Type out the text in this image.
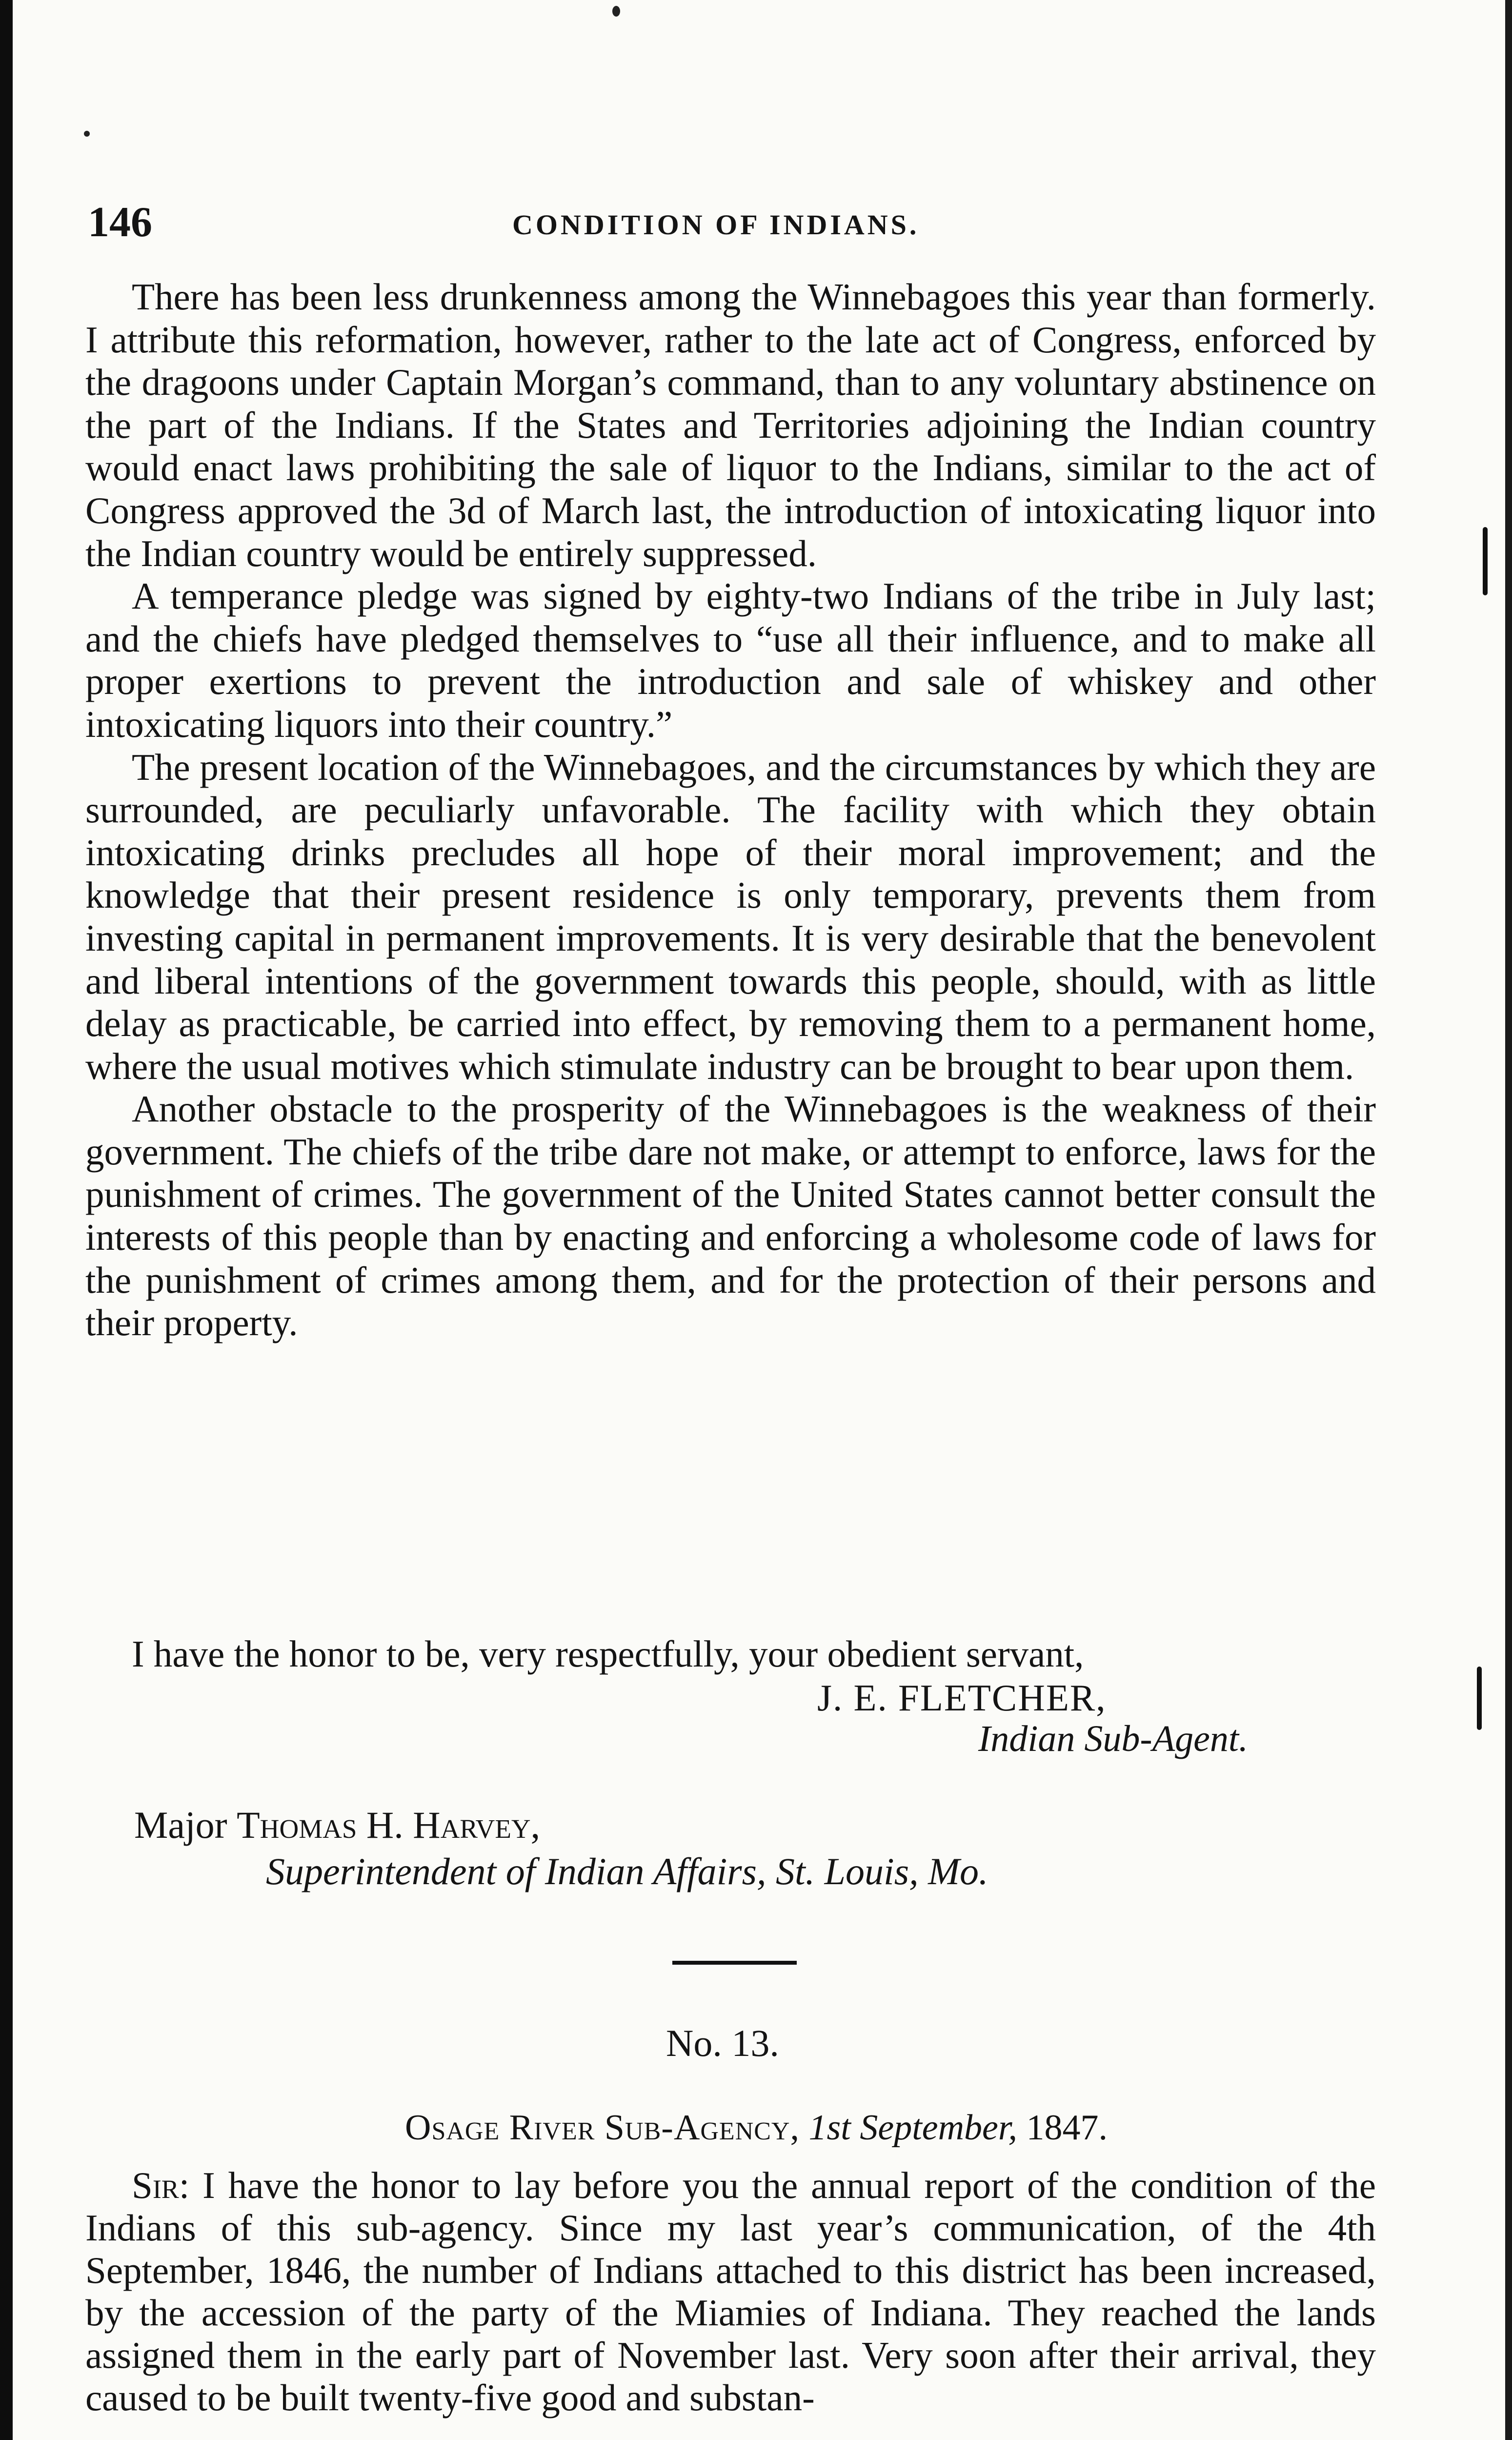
146	CONDITION OF INDIANS.

There has been less drunkenness among the Winnebagoes this year than formerly. I attribute this reformation, however, rather to the late act of Congress, enforced by the dragoons under Captain Morgan’s command, than to any voluntary abstinence on the part of the Indians. If the States and Territories adjoining the Indian country would enact laws prohibiting the sale of liquor to the Indians, similar to the act of Congress approved the 3d of March last, the introduction of intoxicating liquor into the Indian country would be entirely suppressed.

A temperance pledge was signed by eighty-two Indians of the tribe in July last; and the chiefs have pledged themselves to “use all their influence, and to make all proper exertions to prevent the introduction and sale of whiskey and other intoxicating liquors into their country.”

The present location of the Winnebagoes, and the circumstances by which they are surrounded, are peculiarly unfavorable. The facility with which they obtain intoxicating drinks precludes all hope of their moral improvement; and the knowledge that their present residence is only temporary, prevents them from investing capital in permanent improvements. It is very desirable that the benevolent and liberal intentions of the government towards this people, should, with as little delay as practicable, be carried into effect, by removing them to a permanent home, where the usual motives which stimulate industry can be brought to bear upon them.

Another obstacle to the prosperity of the Winnebagoes is the weakness of their government. The chiefs of the tribe dare not make, or attempt to enforce, laws for the punishment of crimes. The government of the United States cannot better consult the interests of this people than by enacting and enforcing a wholesome code of laws for the punishment of crimes among them, and for the protection of their persons and their property.

I have the honor to be, very respectfully, your obedient servant,
J. E. FLETCHER,
Indian Sub-Agent.
Major Thomas H. Harvey,
Superintendent of Indian Affairs, St. Louis, Mo.
No. 13.
Osage River Sub-Agency, 1st September, 1847.

Sir: I have the honor to lay before you the annual report of the condition of the Indians of this sub-agency. Since my last year’s communication, of the 4th September, 1846, the number of Indians attached to this district has been increased, by the accession of the party of the Miamies of Indiana. They reached the lands assigned them in the early part of November last. Very soon after their arrival, they caused to be built twenty-five good and substan-
